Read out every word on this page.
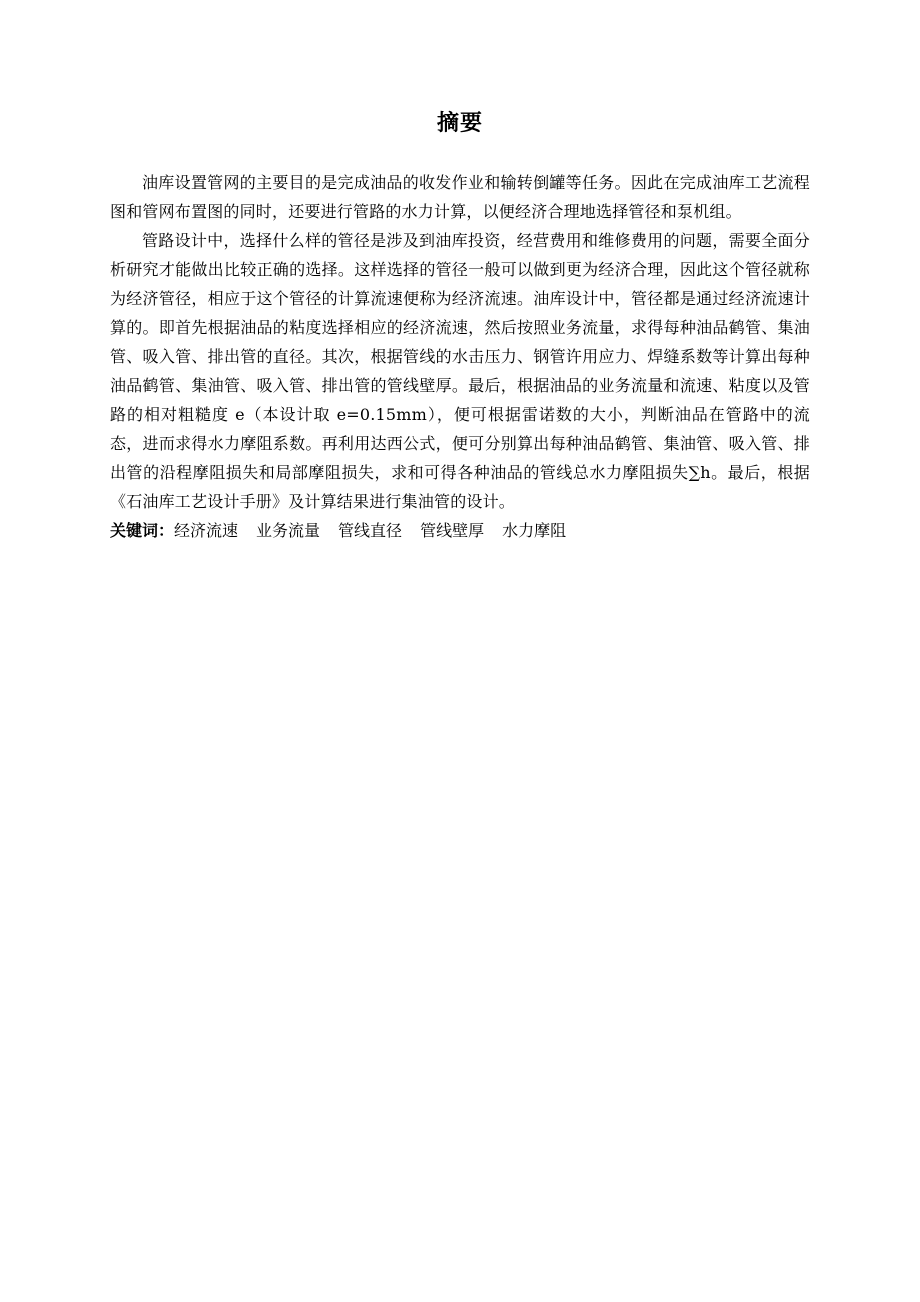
摘要

油库设置管网的主要目的是完成油品的收发作业和输转倒罐等任务。因此在完成油库工艺流程图和管网布置图的同时，还要进行管路的水力计算，以便经济合理地选择管径和泵机组。

管路设计中，选择什么样的管径是涉及到油库投资，经营费用和维修费用的问题，需要全面分析研究才能做出比较正确的选择。这样选择的管径一般可以做到更为经济合理，因此这个管径就称为经济管径，相应于这个管径的计算流速便称为经济流速。油库设计中，管径都是通过经济流速计算的。即首先根据油品的粘度选择相应的经济流速，然后按照业务流量，求得每种油品鹤管、集油管、吸入管、排出管的直径。其次，根据管线的水击压力、钢管许用应力、焊缝系数等计算出每种油品鹤管、集油管、吸入管、排出管的管线壁厚。最后，根据油品的业务流量和流速、粘度以及管路的相对粗糙度 e（本设计取 e=0.15mm），便可根据雷诺数的大小，判断油品在管路中的流态，进而求得水力摩阻系数。再利用达西公式，便可分别算出每种油品鹤管、集油管、吸入管、排出管的沿程摩阻损失和局部摩阻损失，求和可得各种油品的管线总水力摩阻损失∑h。最后，根据《石油库工艺设计手册》及计算结果进行集油管的设计。

关键词：经济流速 业务流量 管线直径 管线壁厚 水力摩阻
